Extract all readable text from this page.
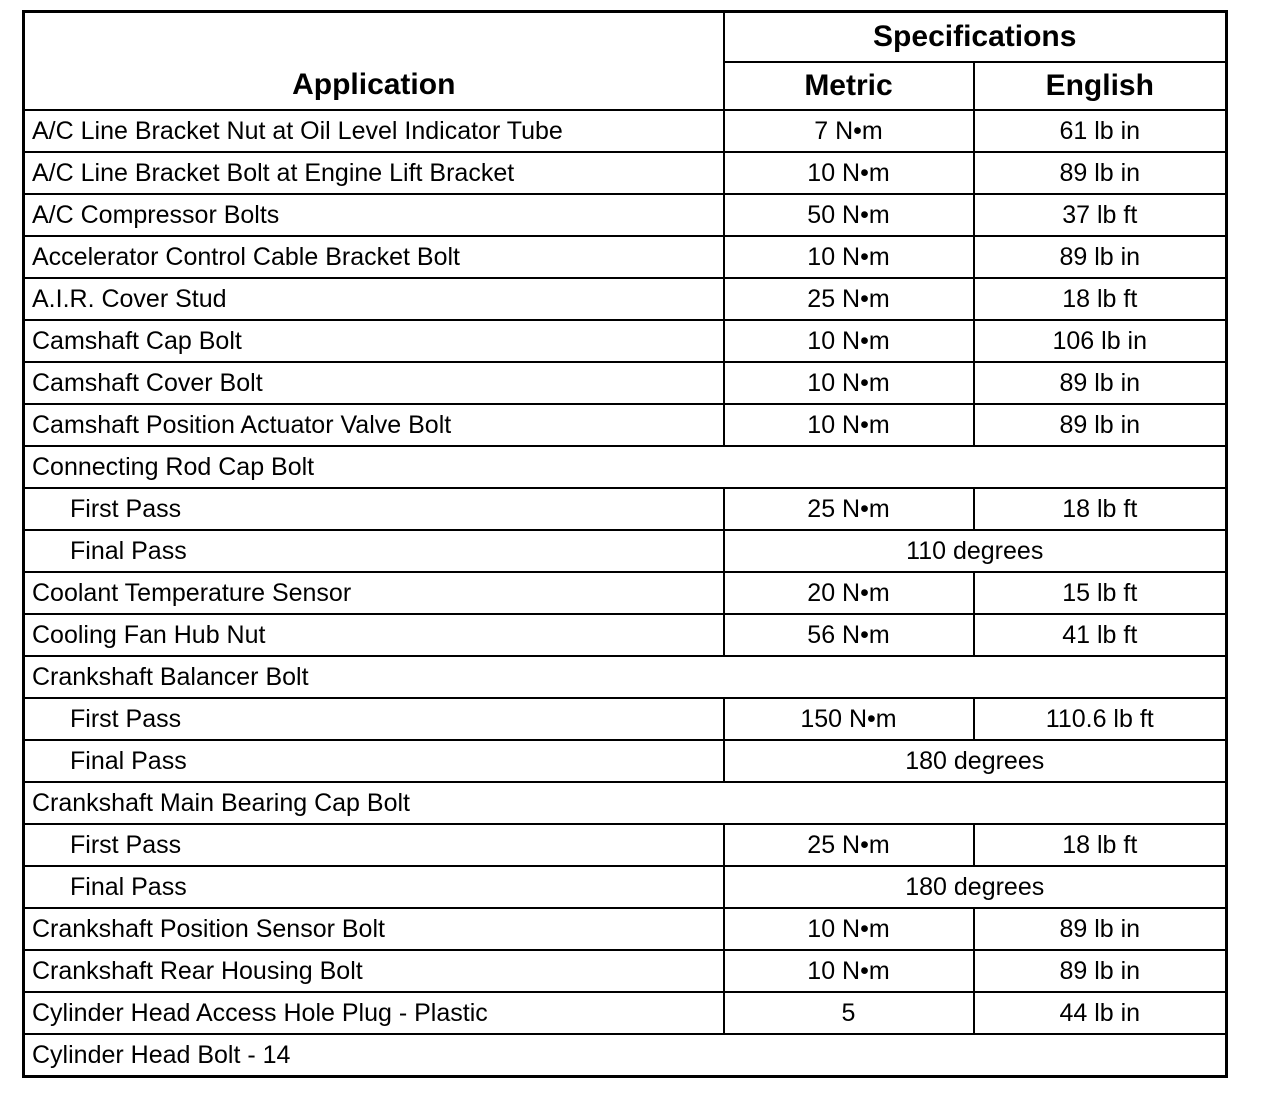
Application	Specifications	
	Metric	English
A/C Line Bracket Nut at Oil Level Indicator Tube	7 N•m	61 lb in
A/C Line Bracket Bolt at Engine Lift Bracket	10 N•m	89 lb in
A/C Compressor Bolts	50 N•m	37 lb ft
Accelerator Control Cable Bracket Bolt	10 N•m	89 lb in
A.I.R. Cover Stud	25 N•m	18 lb ft
Camshaft Cap Bolt	10 N•m	106 lb in
Camshaft Cover Bolt	10 N•m	89 lb in
Camshaft Position Actuator Valve Bolt	10 N•m	89 lb in
Connecting Rod Cap Bolt		
First Pass	25 N•m	18 lb ft
Final Pass	110 degrees	
Coolant Temperature Sensor	20 N•m	15 lb ft
Cooling Fan Hub Nut	56 N•m	41 lb ft
Crankshaft Balancer Bolt		
First Pass	150 N•m	110.6 lb ft
Final Pass	180 degrees	
Crankshaft Main Bearing Cap Bolt		
First Pass	25 N•m	18 lb ft
Final Pass	180 degrees	
Crankshaft Position Sensor Bolt	10 N•m	89 lb in
Crankshaft Rear Housing Bolt	10 N•m	89 lb in
Cylinder Head Access Hole Plug - Plastic	5	44 lb in
Cylinder Head Bolt - 14		
